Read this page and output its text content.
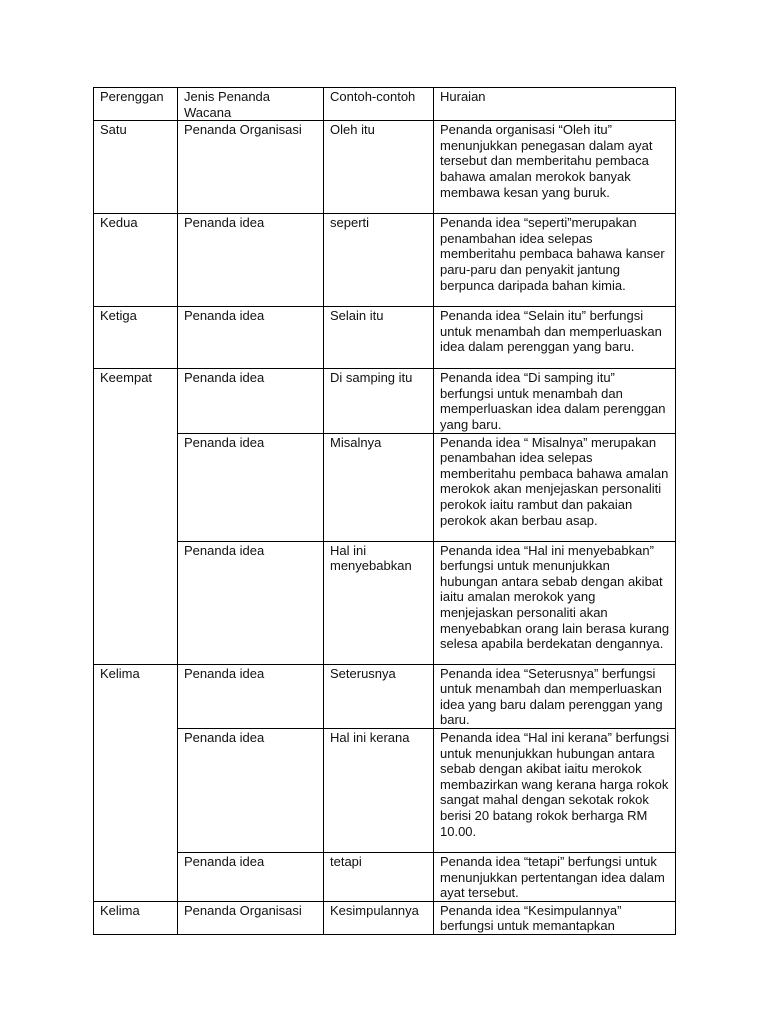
Perenggan	Jenis Penanda Wacana	Contoh-contoh	Huraian
Satu	Penanda Organisasi	Oleh itu	Penanda organisasi “Oleh itu” menunjukkan penegasan dalam ayat tersebut dan memberitahu pembaca bahawa amalan merokok banyak membawa kesan yang buruk.
Kedua	Penanda idea	seperti	Penanda idea “seperti”merupakan penambahan idea selepas memberitahu pembaca bahawa kanser paru-paru dan penyakit jantung berpunca daripada bahan kimia.
Ketiga	Penanda idea	Selain itu	Penanda idea “Selain itu” berfungsi untuk menambah dan memperluaskan idea dalam perenggan yang baru.
Keempat	Penanda idea	Di samping itu	Penanda idea “Di samping itu” berfungsi untuk menambah dan memperluaskan idea dalam perenggan yang baru.
	Penanda idea	Misalnya	Penanda idea “ Misalnya” merupakan penambahan idea selepas memberitahu pembaca bahawa amalan merokok akan menjejaskan personaliti perokok iaitu rambut dan pakaian perokok akan berbau asap.
	Penanda idea	Hal ini menyebabkan	Penanda idea “Hal ini menyebabkan” berfungsi untuk menunjukkan hubungan antara sebab dengan akibat iaitu amalan merokok yang menjejaskan personaliti akan menyebabkan orang lain berasa kurang selesa apabila berdekatan dengannya.
Kelima	Penanda idea	Seterusnya	Penanda idea “Seterusnya” berfungsi untuk menambah dan memperluaskan idea yang baru dalam perenggan yang baru.
	Penanda idea	Hal ini kerana	Penanda idea “Hal ini kerana” berfungsi untuk menunjukkan hubungan antara sebab dengan akibat iaitu merokok membazirkan wang kerana harga rokok sangat mahal dengan sekotak rokok berisi 20 batang rokok berharga RM 10.00.
	Penanda idea	tetapi	Penanda idea “tetapi” berfungsi untuk menunjukkan pertentangan idea dalam ayat tersebut.
Kelima	Penanda Organisasi	Kesimpulannya	Penanda idea “Kesimpulannya” berfungsi untuk memantapkan
